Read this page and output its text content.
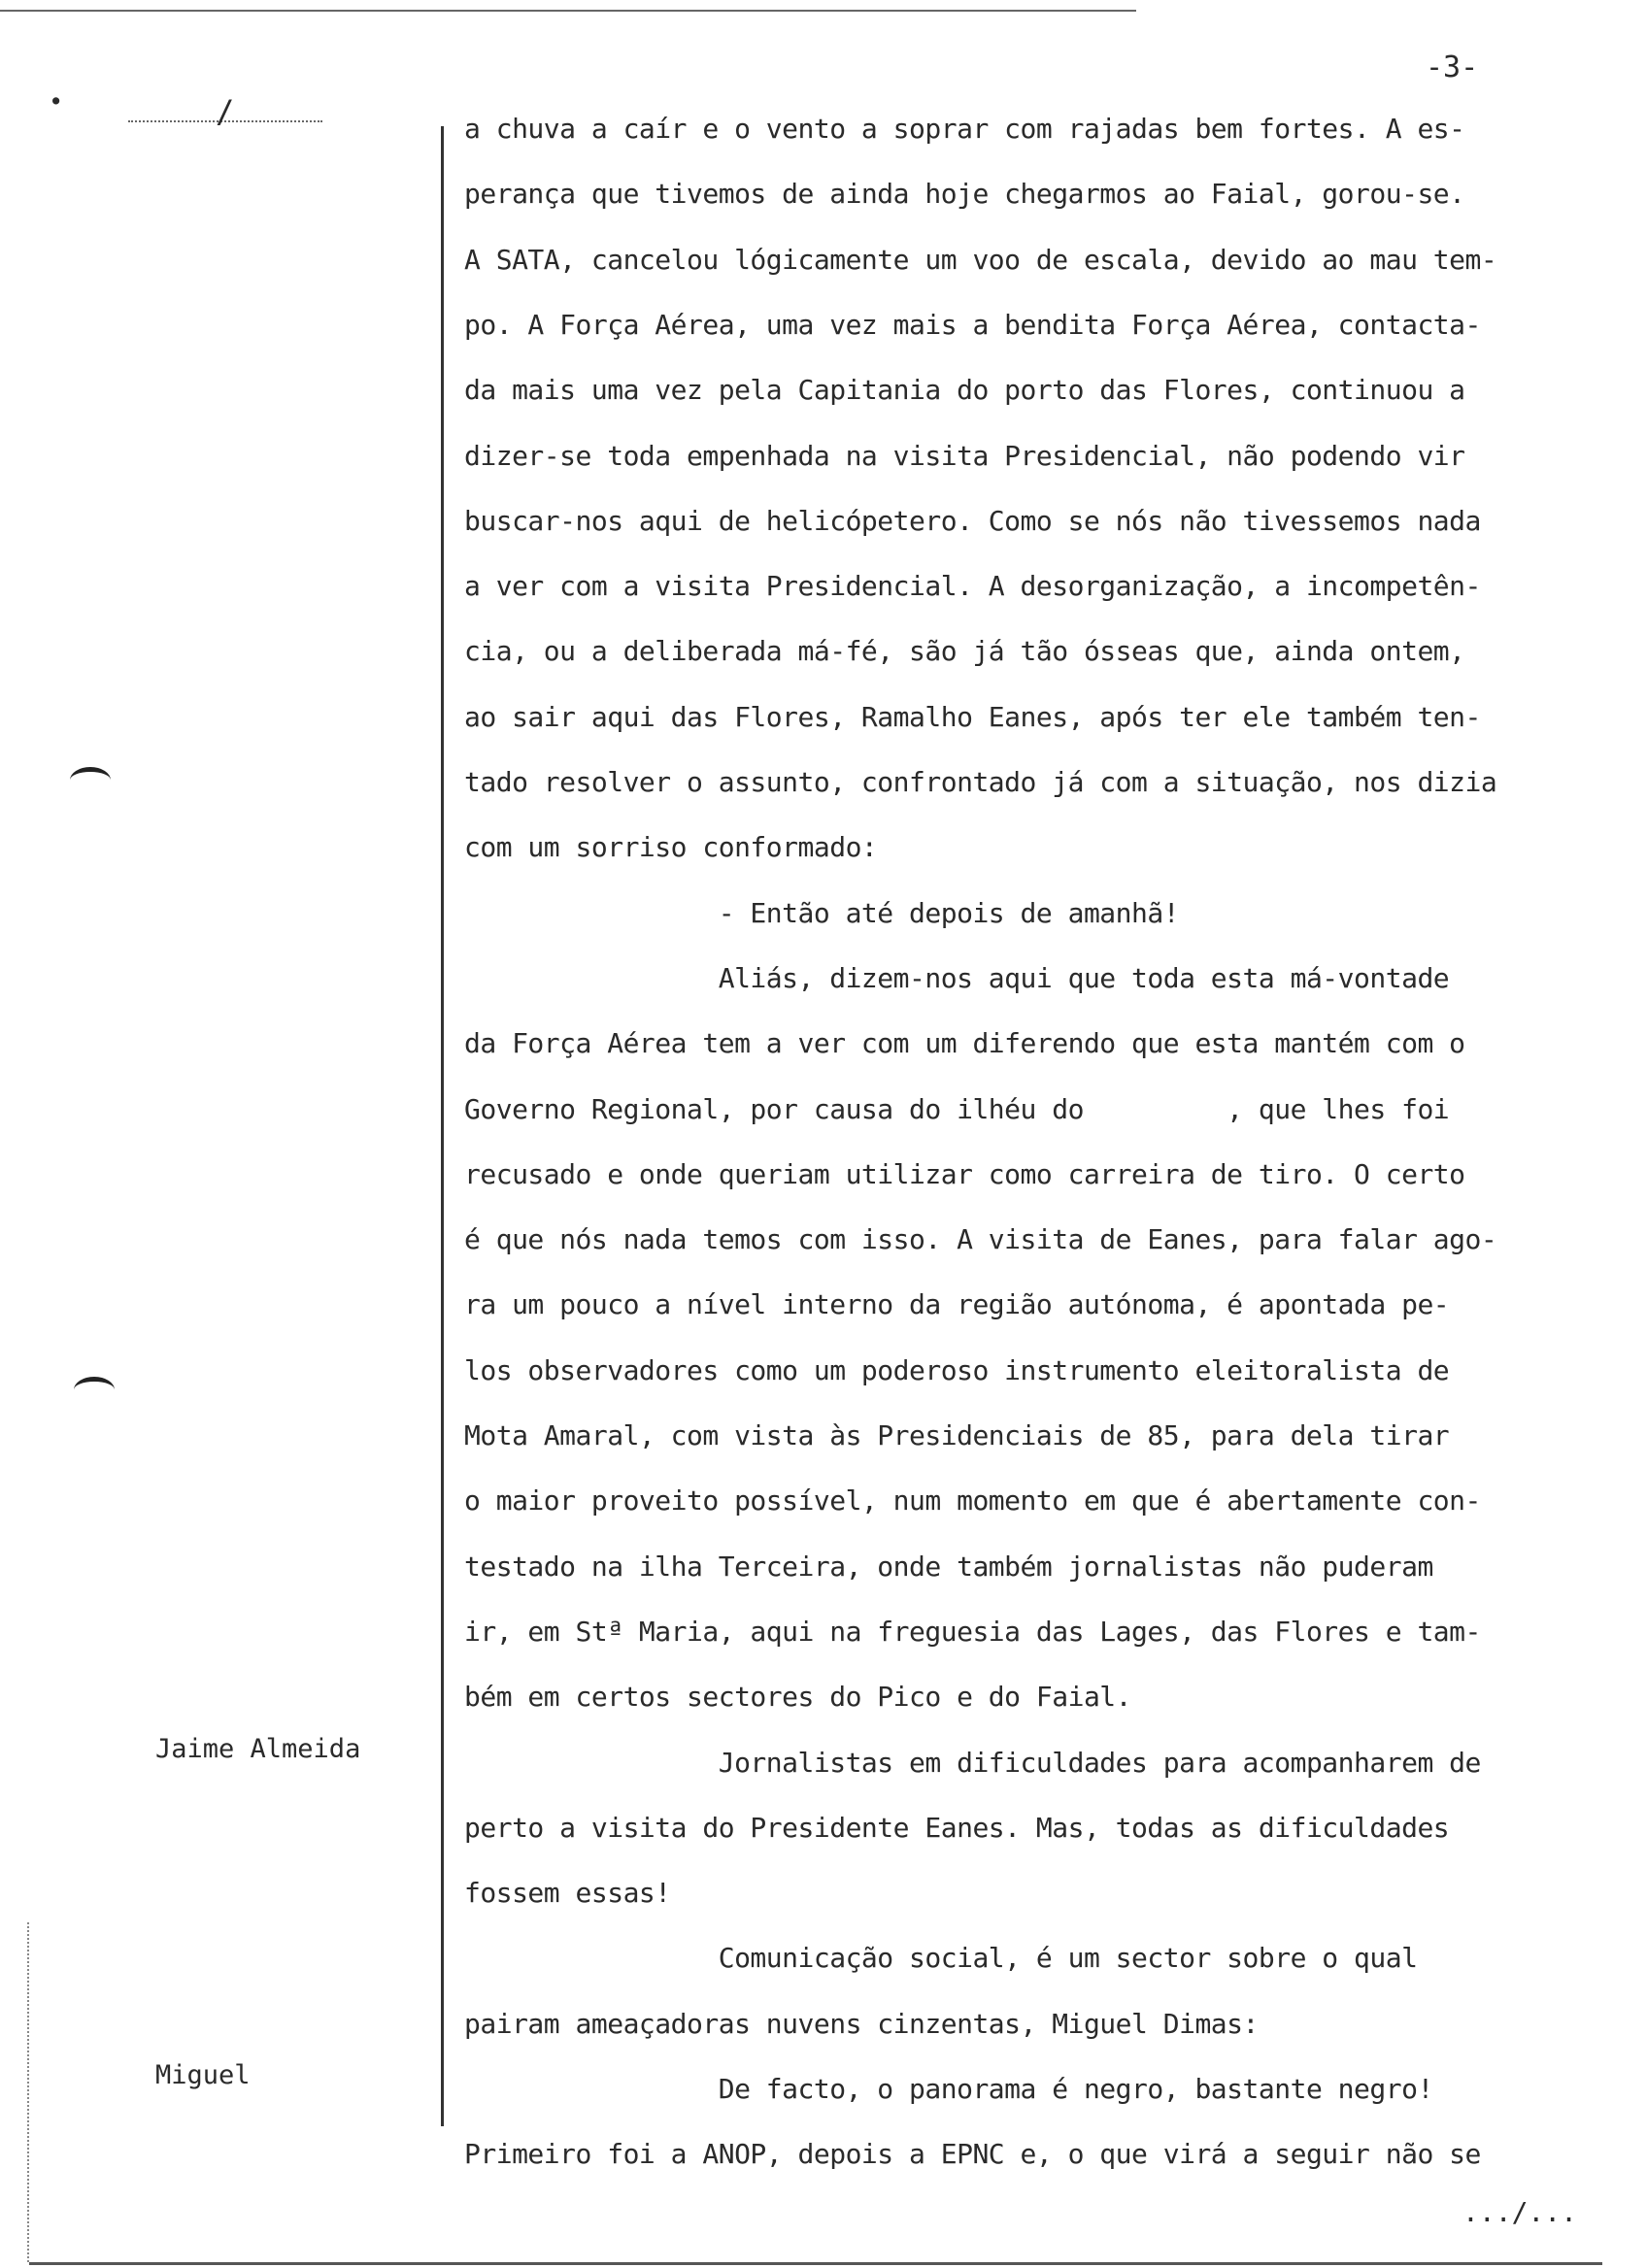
-3-
●	/
Jaime Almeida
Miguel
a chuva a caír e o vento a soprar com rajadas bem fortes. A es-
perança que tivemos de ainda hoje chegarmos ao Faial, gorou-se.
A SATA, cancelou lógicamente um voo de escala, devido ao mau tem-
po. A Força Aérea, uma vez mais a bendita Força Aérea, contacta-
da mais uma vez pela Capitania do porto das Flores, continuou a
dizer-se toda empenhada na visita Presidencial, não podendo vir
buscar-nos aqui de helicópetero. Como se nós não tivessemos nada
a ver com a visita Presidencial. A desorganização, a incompetên-
cia, ou a deliberada má-fé, são já tão ósseas que, ainda ontem,
ao sair aqui das Flores, Ramalho Eanes, após ter ele também ten-
tado resolver o assunto, confrontado já com a situação, nos dizia
com um sorriso conformado:
- Então até depois de amanhã!
Aliás, dizem-nos aqui que toda esta má-vontade
da Força Aérea tem a ver com um diferendo que esta mantém com o
Governo Regional, por causa do ilhéu do         , que lhes foi
recusado e onde queriam utilizar como carreira de tiro. O certo
é que nós nada temos com isso. A visita de Eanes, para falar ago-
ra um pouco a nível interno da região autónoma, é apontada pe-
los observadores como um poderoso instrumento eleitoralista de
Mota Amaral, com vista às Presidenciais de 85, para dela tirar
o maior proveito possível, num momento em que é abertamente con-
testado na ilha Terceira, onde também jornalistas não puderam
ir, em Stª Maria, aqui na freguesia das Lages, das Flores e tam-
bém em certos sectores do Pico e do Faial.
Jornalistas em dificuldades para acompanharem de
perto a visita do Presidente Eanes. Mas, todas as dificuldades
fossem essas!
Comunicação social, é um sector sobre o qual
pairam ameaçadoras nuvens cinzentas, Miguel Dimas:
De facto, o panorama é negro, bastante negro!
Primeiro foi a ANOP, depois a EPNC e, o que virá a seguir não se
.../...
